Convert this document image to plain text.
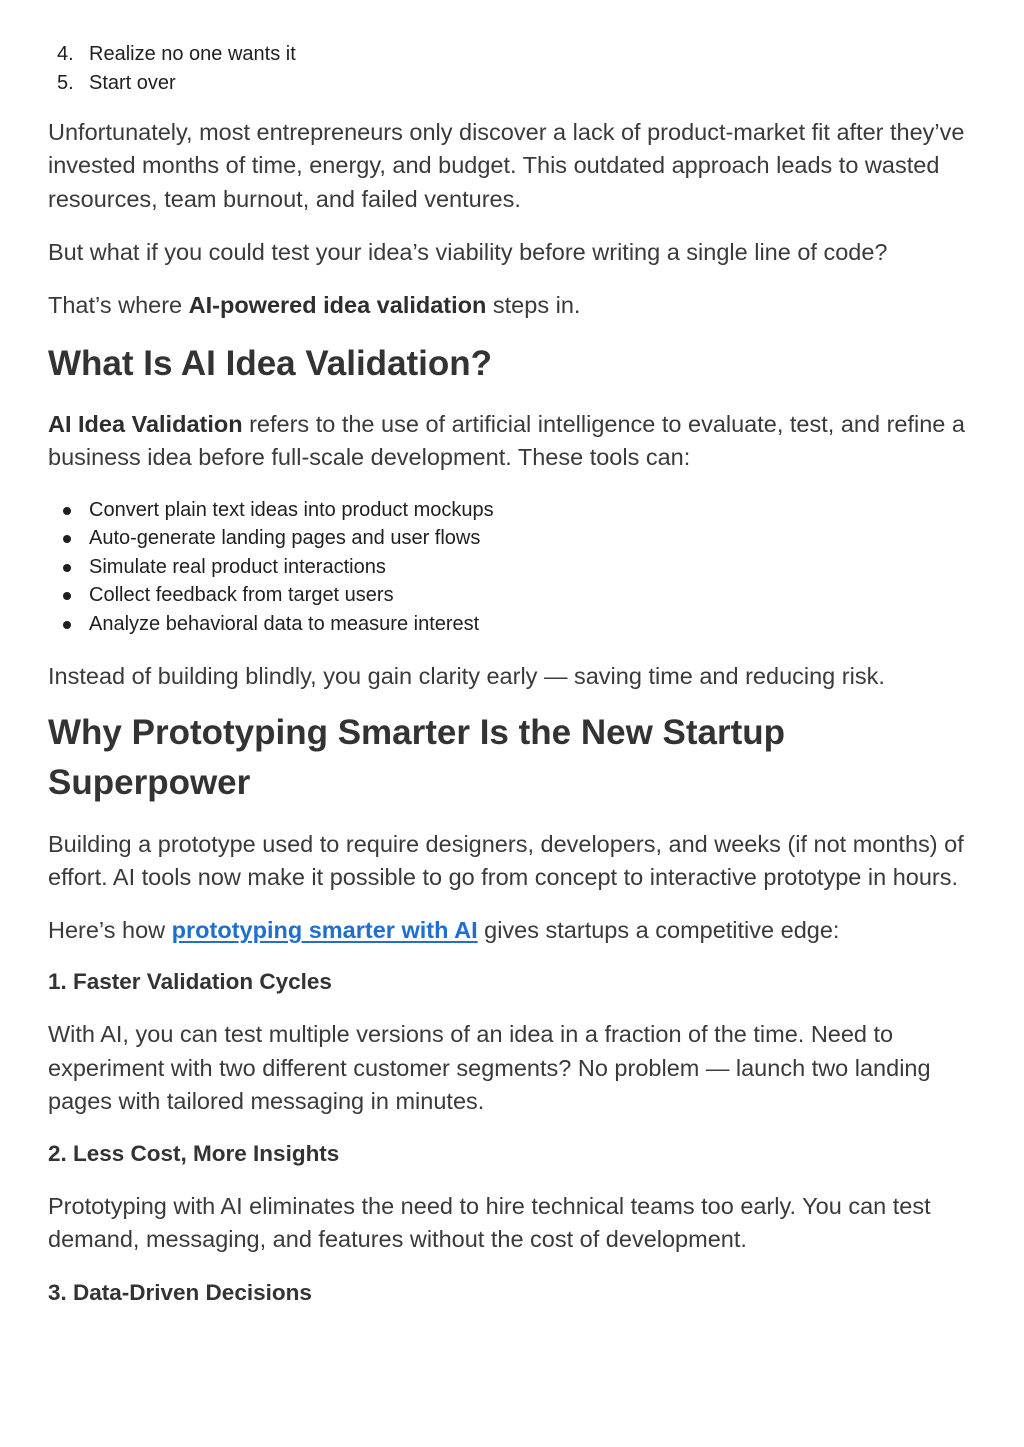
4. Realize no one wants it
5. Start over

Unfortunately, most entrepreneurs only discover a lack of product-market fit after they’ve invested months of time, energy, and budget. This outdated approach leads to wasted resources, team burnout, and failed ventures.

But what if you could test your idea’s viability before writing a single line of code?

That’s where AI-powered idea validation steps in.

What Is AI Idea Validation?

AI Idea Validation refers to the use of artificial intelligence to evaluate, test, and refine a business idea before full-scale development. These tools can:

Convert plain text ideas into product mockups
Auto-generate landing pages and user flows
Simulate real product interactions
Collect feedback from target users
Analyze behavioral data to measure interest

Instead of building blindly, you gain clarity early — saving time and reducing risk.

Why Prototyping Smarter Is the New Startup Superpower

Building a prototype used to require designers, developers, and weeks (if not months) of effort. AI tools now make it possible to go from concept to interactive prototype in hours.

Here’s how prototyping smarter with AI gives startups a competitive edge:

1. Faster Validation Cycles

With AI, you can test multiple versions of an idea in a fraction of the time. Need to experiment with two different customer segments? No problem — launch two landing pages with tailored messaging in minutes.

2. Less Cost, More Insights

Prototyping with AI eliminates the need to hire technical teams too early. You can test demand, messaging, and features without the cost of development.

3. Data-Driven Decisions
